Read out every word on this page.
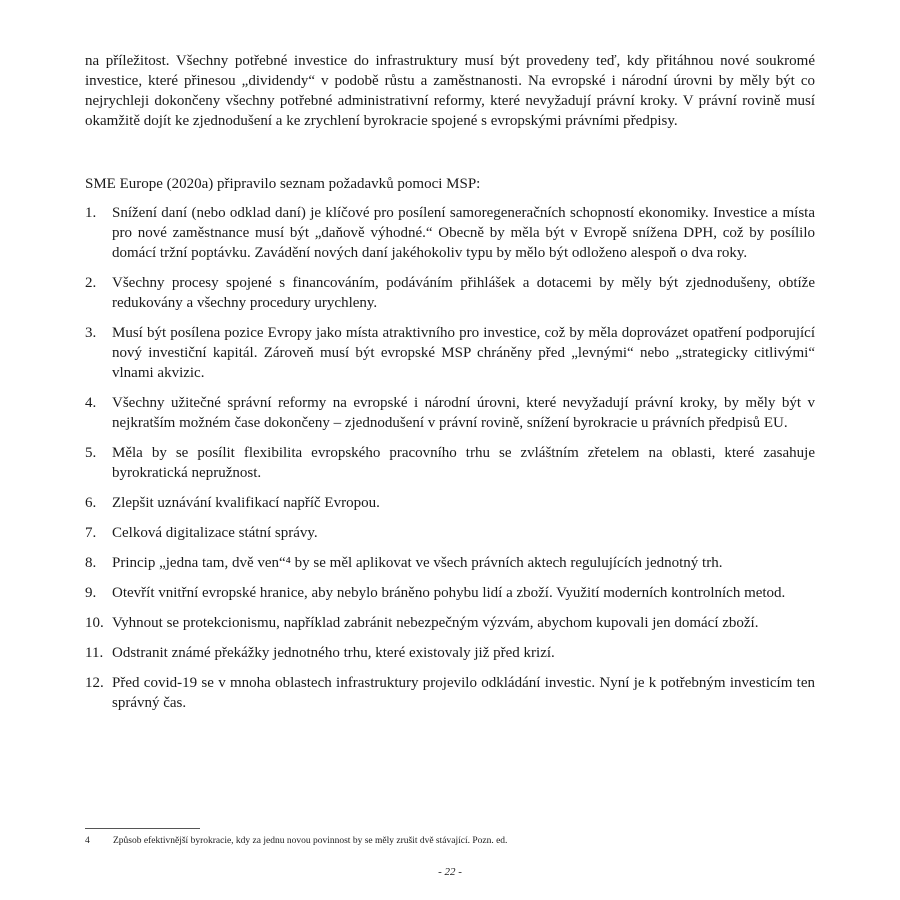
na příležitost. Všechny potřebné investice do infrastruktury musí být provedeny teď, kdy přitáhnou nové soukromé investice, které přinesou „dividendy“ v podobě růstu a zaměstnanosti. Na evropské i národní úrovni by měly být co nejrychleji dokončeny všechny potřebné administrativní reformy, které nevyžadují právní kroky. V právní rovině musí okamžitě dojít ke zjednodušení a ke zrychlení byrokracie spojené s evropskými právními předpisy.

SME Europe (2020a) připravilo seznam požadavků pomoci MSP:

1.	Snížení daní (nebo odklad daní) je klíčové pro posílení samoregeneračních schopností ekonomiky. Investice a místa pro nové zaměstnance musí být „daňově výhodné.“ Obecně by měla být v Evropě snížena DPH, což by posílilo domácí tržní poptávku. Zavádění nových daní jakéhokoliv typu by mělo být odloženo alespoň o dva roky.
2.	Všechny procesy spojené s financováním, podáváním přihlášek a dotacemi by měly být zjednodušeny, obtíže redukovány a všechny procedury urychleny.
3.	Musí být posílena pozice Evropy jako místa atraktivního pro investice, což by měla doprovázet opatření podporující nový investiční kapitál. Zároveň musí být evropské MSP chráněny před „levnými“ nebo „strategicky citlivými“ vlnami akvizic.
4.	Všechny užitečné správní reformy na evropské i národní úrovni, které nevyžadují právní kroky, by měly být v nejkratším možném čase dokončeny – zjednodušení v právní rovině, snížení byrokracie u právních předpisů EU.
5.	Měla by se posílit flexibilita evropského pracovního trhu se zvláštním zřetelem na oblasti, které zasahuje byrokratická nepružnost.
6.	Zlepšit uznávání kvalifikací napříč Evropou.
7.	Celková digitalizace státní správy.
8.	Princip „jedna tam, dvě ven“⁴ by se měl aplikovat ve všech právních aktech regulujících jednotný trh.
9.	Otevřít vnitřní evropské hranice, aby nebylo bráněno pohybu lidí a zboží. Využití moderních kontrolních metod.
10. Vyhnout se protekcionismu, například zabránit nebezpečným výzvám, abychom kupovali jen domácí zboží.
11. Odstranit známé překážky jednotného trhu, které existovaly již před krizí.
12. Před covid-19 se v mnoha oblastech infrastruktury projevilo odkládání investic. Nyní je k potřebným investicím ten správný čas.
4	Způsob efektivnější byrokracie, kdy za jednu novou povinnost by se měly zrušit dvě stávající. Pozn. ed.
- 22 -
